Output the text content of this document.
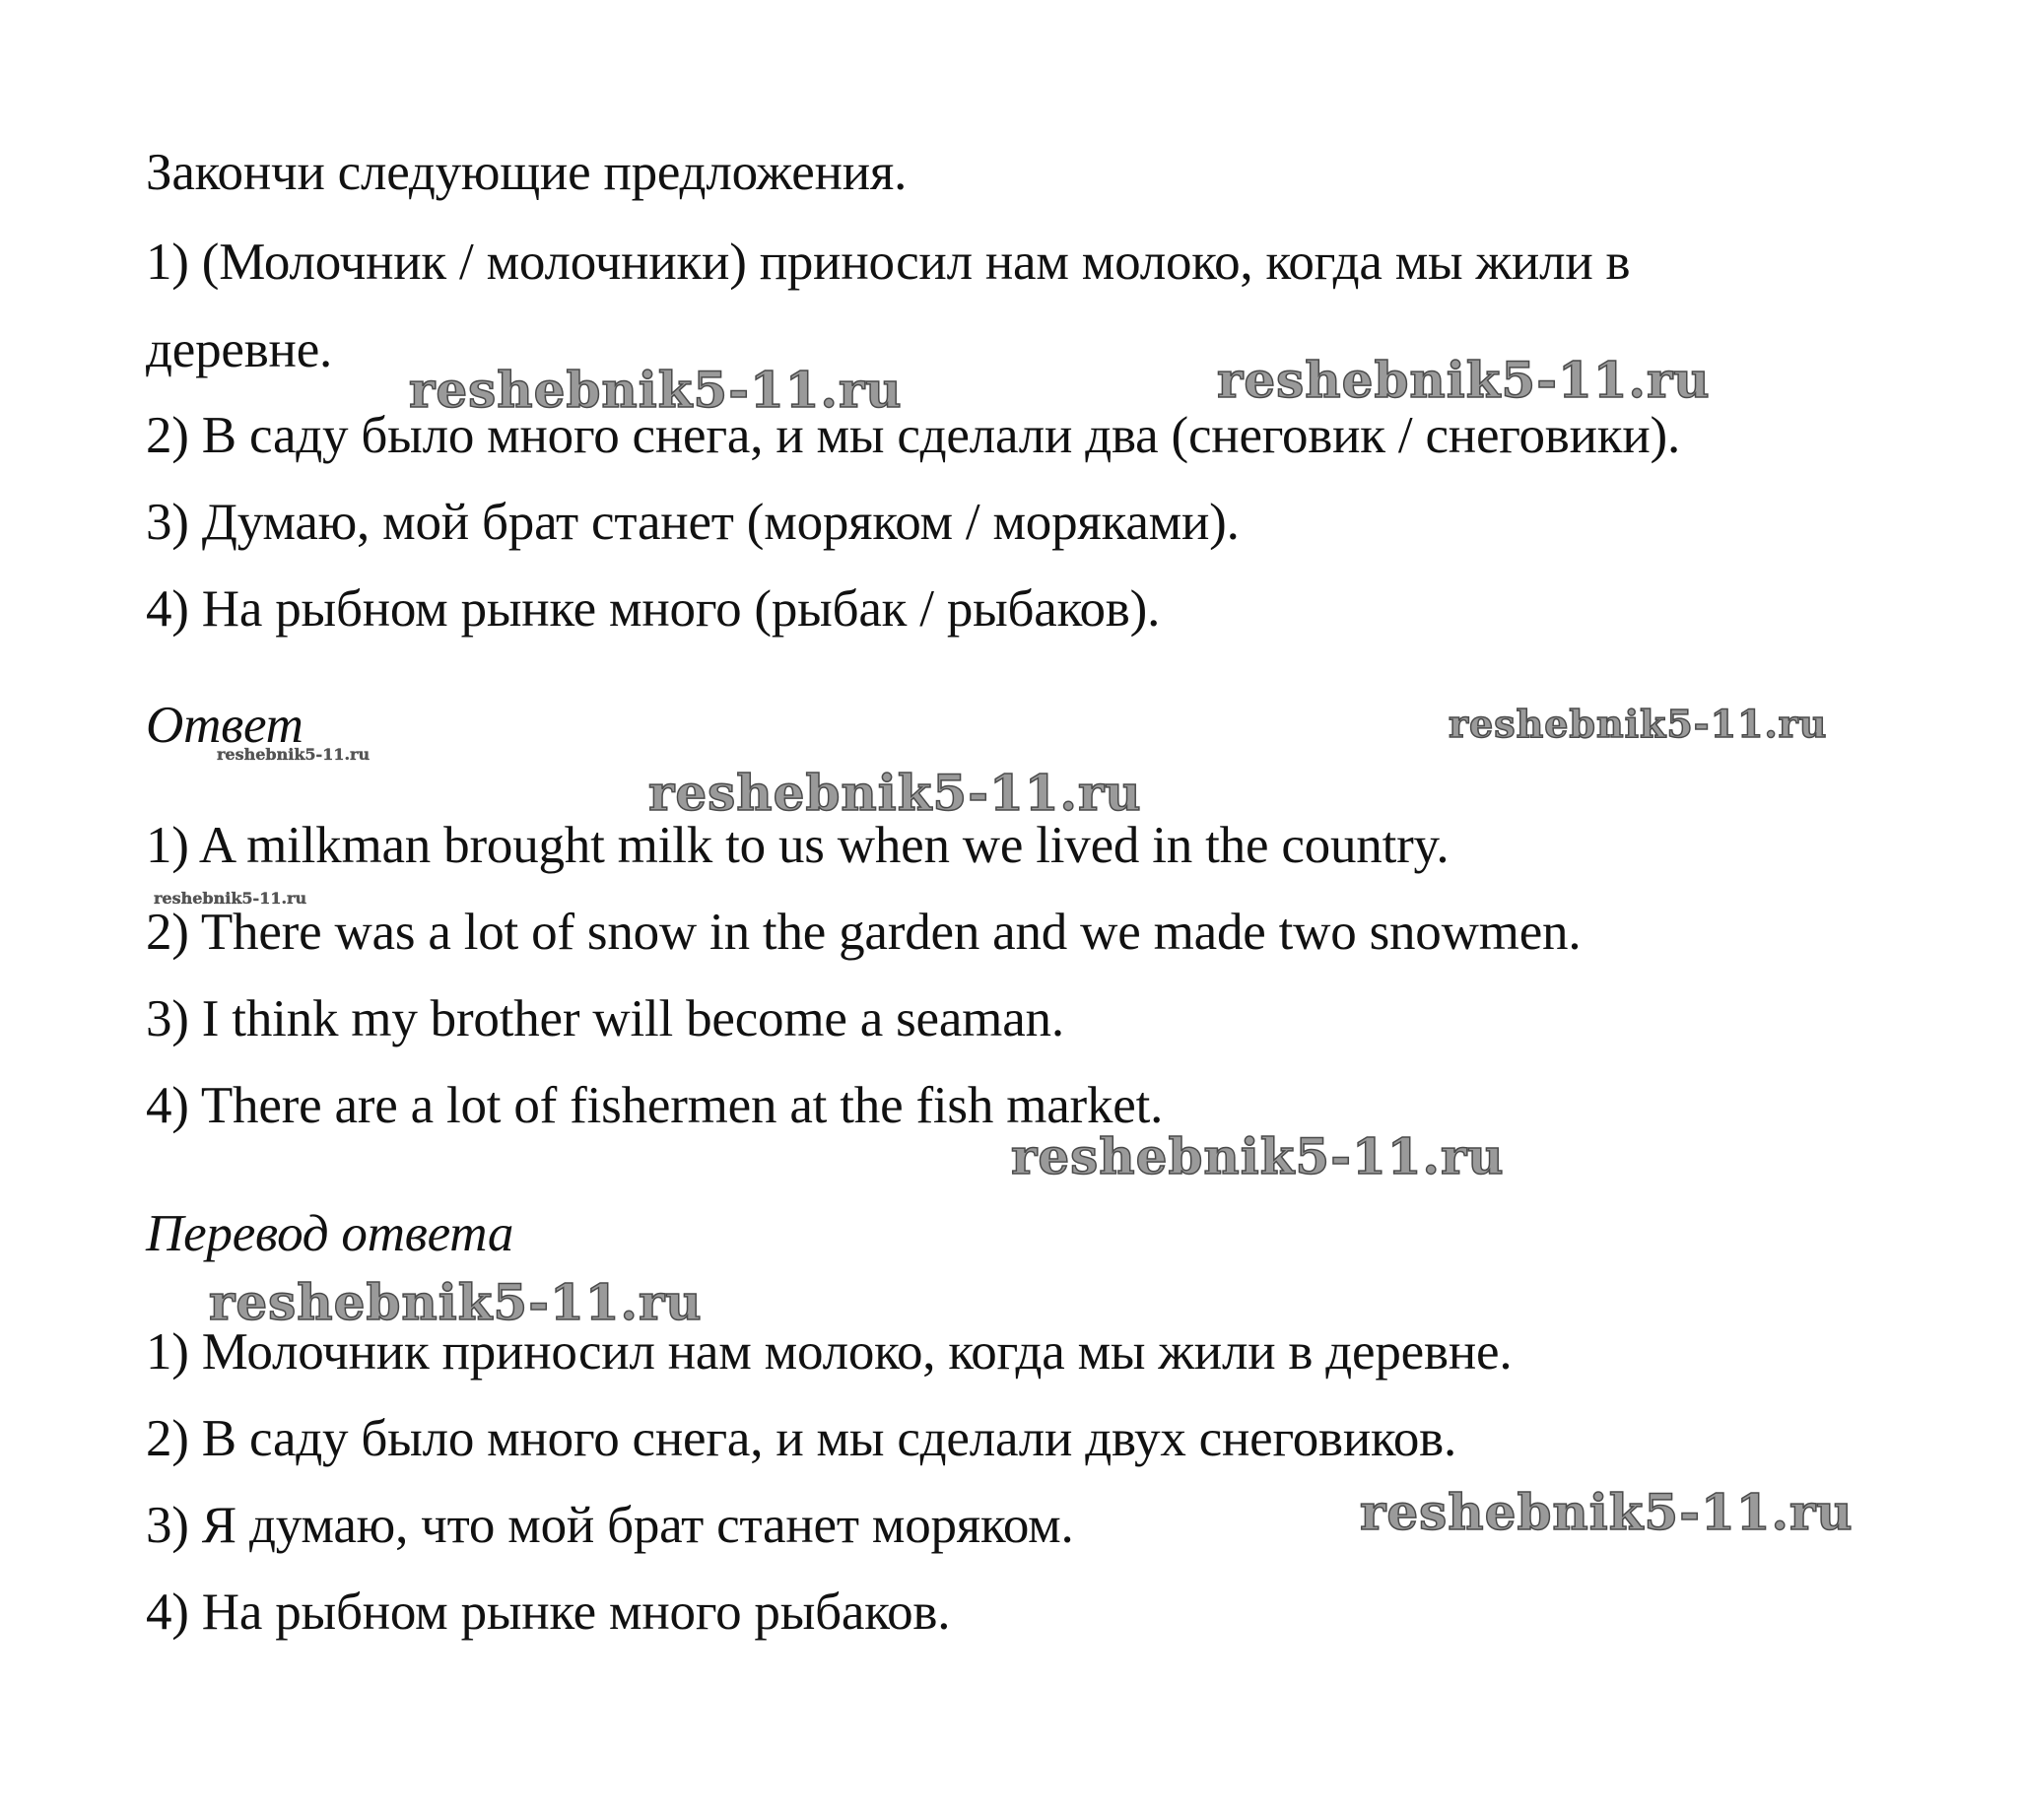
Закончи следующие предложения.
1) (Молочник / молочники) приносил нам молоко, когда мы жили в
деревне.
2) В саду было много снега, и мы сделали два (снеговик / снеговики).
3) Думаю, мой брат станет (моряком / моряками).
4) На рыбном рынке много (рыбак / рыбаков).
Ответ
1) A milkman brought milk to us when we lived in the country.
2) There was a lot of snow in the garden and we made two snowmen.
3) I think my brother will become a seaman.
4) There are a lot of fishermen at the fish market.
Перевод ответа
1) Молочник приносил нам молоко, когда мы жили в деревне.
2) В саду было много снега, и мы сделали двух снеговиков.
3) Я думаю, что мой брат станет моряком.
4) На рыбном рынке много рыбаков.
reshebnik5-11.ru	reshebnik5-11.ru
reshebnik5-11.ru
reshebnik5-11.ru
reshebnik5-11.ru
reshebnik5-11.ru
reshebnik5-11.ru
reshebnik5-11.ru
reshebnik5-11.ru
